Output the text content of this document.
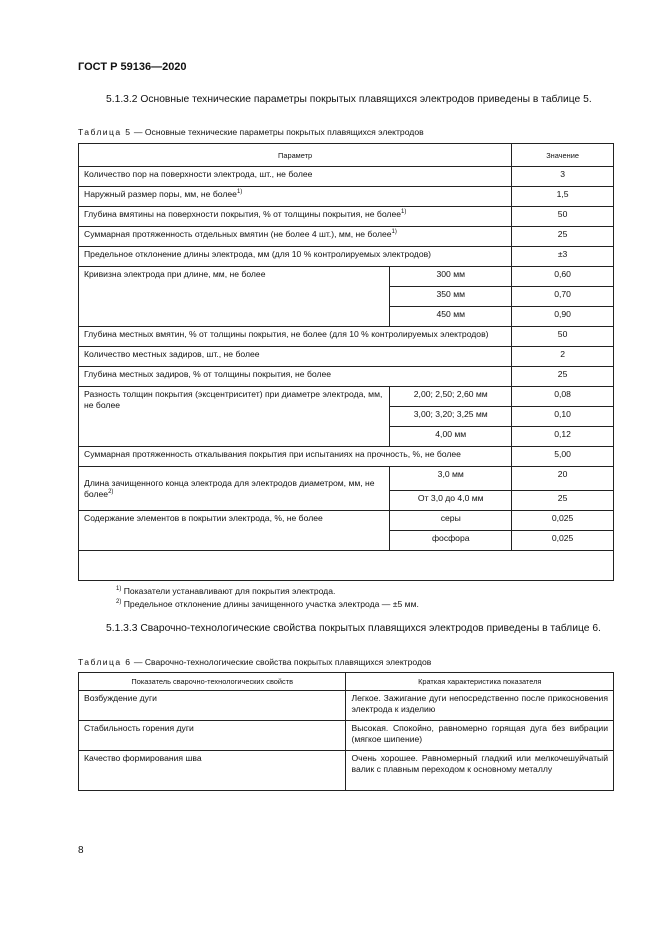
ГОСТ Р 59136—2020
5.1.3.2 Основные технические параметры покрытых плавящихся электродов приведены в таблице 5.
Таблица 5 — Основные технические параметры покрытых плавящихся электродов
Параметр		Значение
Количество пор на поверхности электрода, шт., не более		3
Наружный размер поры, мм, не более$^{1)}$		1,5
Глубина вмятины на поверхности покрытия, % от толщины покрытия, не более$^{1)}$		50
Суммарная протяженность отдельных вмятин (не более 4 шт.), мм, не более$^{1)}$		25
Предельное отклонение длины электрода, мм (для 10 % контролируемых электродов)		±3
Кривизна электрода при длине, мм, не более	300 мм	0,60
	350 мм	0,70
	450 мм	0,90
Глубина местных вмятин, % от толщины покрытия, не более (для 10 % контролируемых электродов)		50
Количество местных задиров, шт., не более		2
Глубина местных задиров, % от толщины покрытия, не более		25
Разность толщин покрытия (эксцентриситет) при диаметре электрода, мм, не более	2,00; 2,50; 2,60 мм	0,08
	3,00; 3,20; 3,25 мм	0,10
	4,00 мм	0,12
Суммарная протяженность откалывания покрытия при испытаниях на прочность, %, не более		5,00
Длина зачищенного конца электрода для электродов диаметром, мм, не более$^{2)}$	3,0 мм	20
	От 3,0 до 4,0 мм	25
Содержание элементов в покрытии электрода, %, не более	серы	0,025
	фосфора	0,025

$^{1)}$ Показатели устанавливают для покрытия электрода.
$^{2)}$ Предельное отклонение длины зачищенного участка электрода — ±5 мм.
5.1.3.3 Сварочно-технологические свойства покрытых плавящихся электродов приведены в таблице 6.
Таблица 6 — Сварочно-технологические свойства покрытых плавящихся электродов
Показатель сварочно-технологических свойств	Краткая характеристика показателя
Возбуждение дуги	Легкое. Зажигание дуги непосредственно после прикосновения электрода к изделию
Стабильность горения дуги	Высокая. Спокойно, равномерно горящая дуга без вибрации (мягкое шипение)
Качество формирования шва	Очень хорошее. Равномерный гладкий или мелкочешуйчатый валик с плавным переходом к основному металлу
8
